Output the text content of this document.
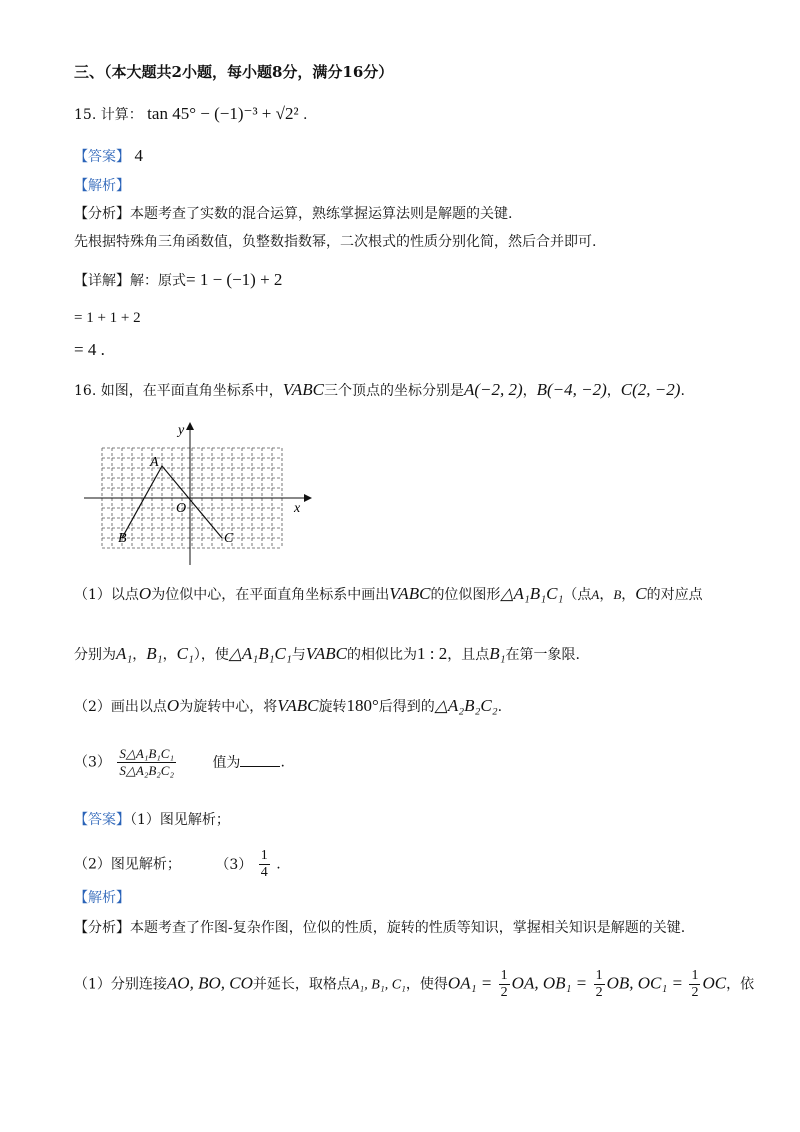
三、（本大题共2小题，每小题8分，满分16分）
15. 计算： tan 45° − (−1)⁻³ + √2² .
【答案】 4
【解析】
【分析】本题考查了实数的混合运算，熟练掌握运算法则是解题的关键.
先根据特殊角三角函数值，负整数指数幂，二次根式的性质分别化简，然后合并即可.
【详解】解：原式= 1 − (−1) + 2
= 1 + 1 + 2
= 4 .
16. 如图，在平面直角坐标系中，VABC三个顶点的坐标分别是A(−2, 2)，B(−4, −2)，C(2, −2).
x
y
A
B	C
O
（1）以点O为位似中心，在平面直角坐标系中画出VABC的位似图形△A₁B₁C₁（点A，B，C的对应点
分别为A₁，B₁，C₁），使△A₁B₁C₁与VABC的相似比为1 : 2，且点B₁在第一象限.
（2）画出以点O为旋转中心，将VABC旋转180°后得到的△A₂B₂C₂.
$(3) \frac{\text{S△A₁B₁C₁}}{\text{S△A₂B₂C₂}}$	值为	.
【答案】（1）图见解析；
（2）图见解析； $(3) \frac{1}{4}$ .
【解析】
【分析】本题考查了作图-复杂作图，位似的性质，旋转的性质等知识，掌握相关知识是解题的关键.
（1）分别连接AO, BO, CO并延长，取格点A₁, B₁, C₁，使得$OA_1 = \frac{1}{2}$ OA, $OB_1 = \frac{1}{2}$ OB, $OC_1 = \frac{1}{2}$ OC，依
